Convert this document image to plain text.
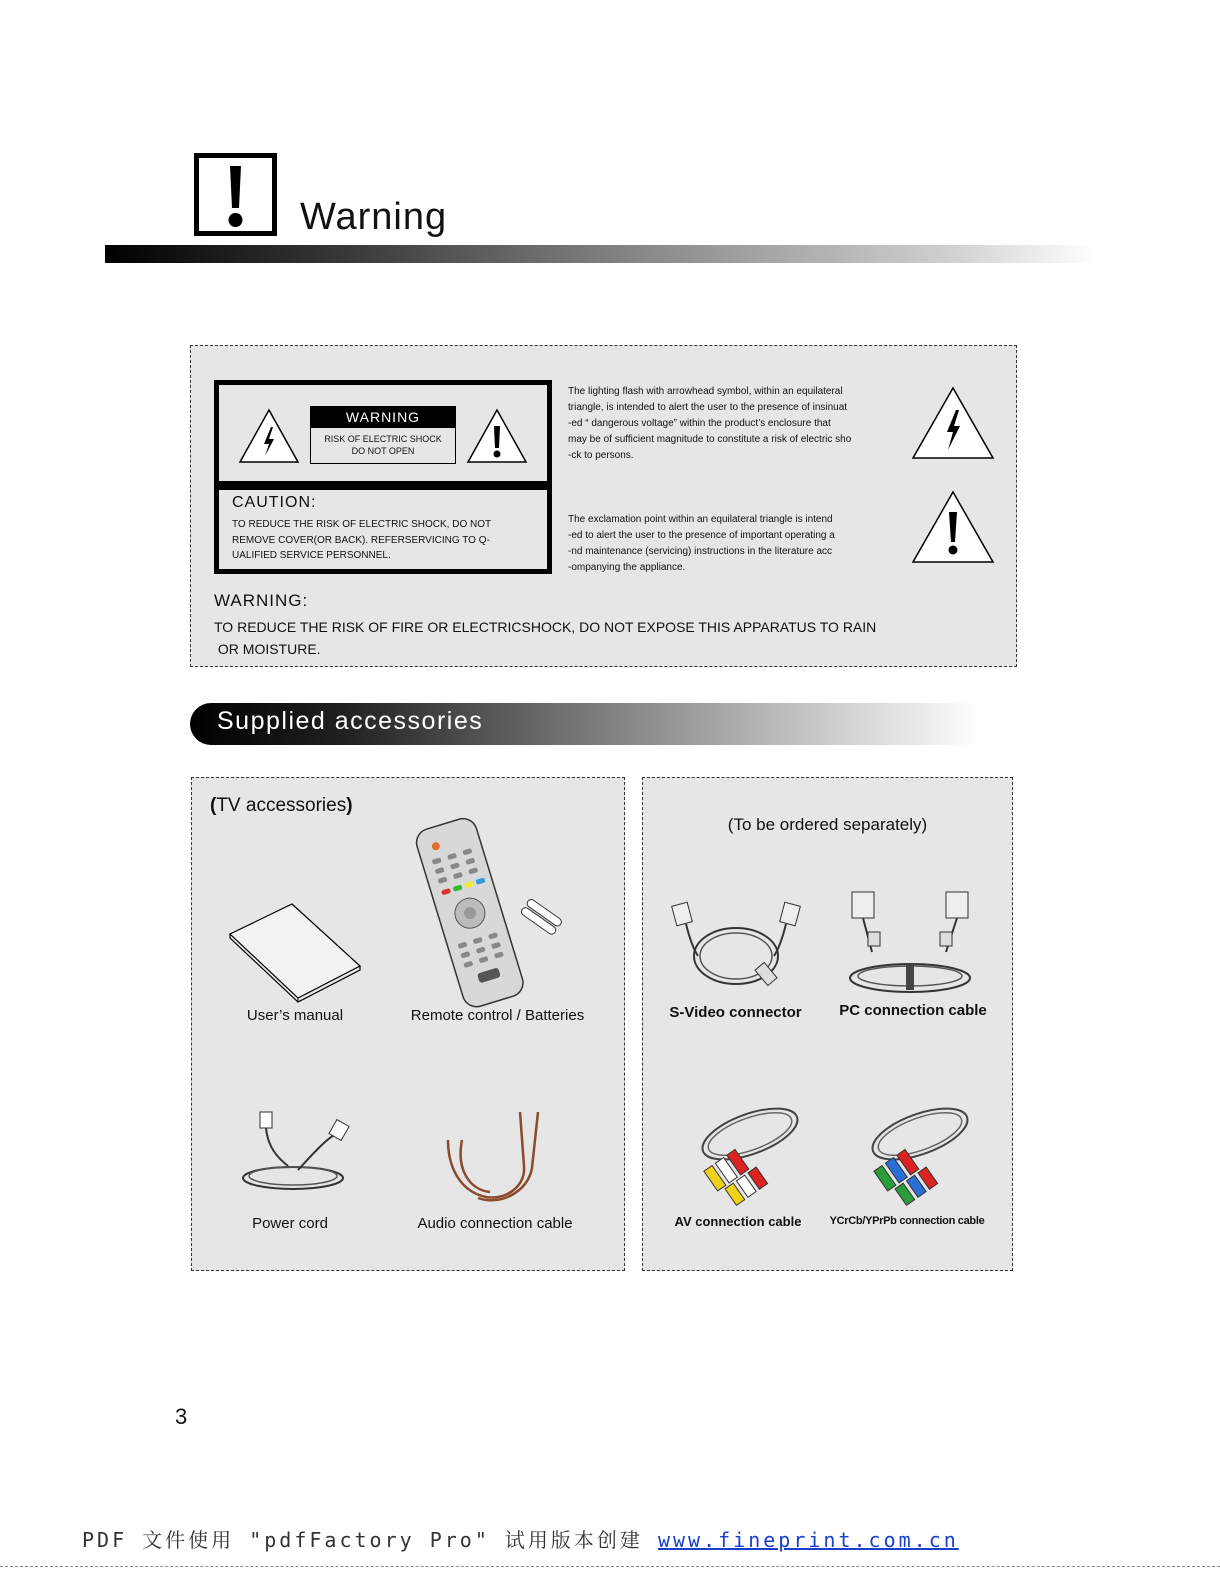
Warning
WARNING
RISK OF ELECTRIC SHOCK
DO NOT OPEN
CAUTION:
TO REDUCE THE RISK OF ELECTRIC SHOCK, DO NOT
REMOVE COVER(OR BACK). REFERSERVICING TO Q-
UALIFIED SERVICE PERSONNEL.
The lighting flash with arrowhead symbol, within an equilateral
triangle, is intended to alert the user to the presence of insinuat
-ed “ dangerous voltage” within the product’s enclosure that
may be of sufficient magnitude to constitute a risk of electric sho
-ck to persons.
The exclamation point within an equilateral triangle is intend
-ed to alert the user to the presence of important operating a
-nd maintenance (servicing) instructions in the literature acc
-ompanying the appliance.
WARNING:
TO REDUCE THE RISK OF FIRE OR ELECTRICSHOCK, DO NOT EXPOSE THIS APPARATUS TO RAIN
OR MOISTURE.
Supplied accessories
(TV accessories)
User’s manual	Remote control / Batteries
Power cord	Audio connection cable
(To be ordered separately)
S-Video connector	PC connection cable
AV connection cable	YCrCb/YPrPb connection cable
3
PDF 文件使用 "pdfFactory Pro" 试用版本创建 www.fineprint.com.cn
